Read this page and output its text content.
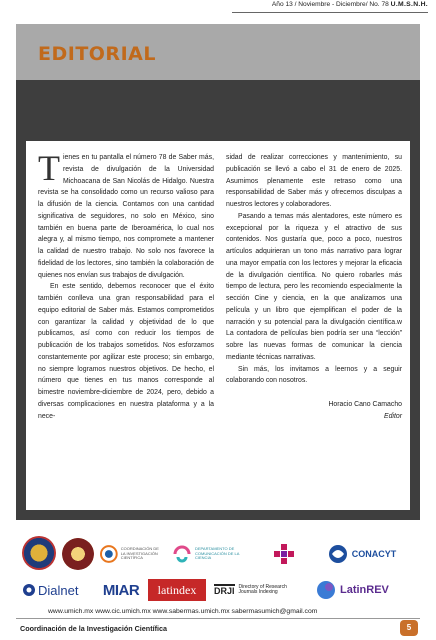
Año 13 / Noviembre - Diciembre/ No. 78 U.M.S.N.H.
EDITORIAL

Tienes en tu pantalla el número 78 de Saber más, revista de divulgación de la Universidad Michoacana de San Nicolás de Hidalgo. Nuestra revista se ha consolidado como un recurso valioso para la difusión de la ciencia. Contamos con una cantidad significativa de seguidores, no solo en México, sino también en buena parte de Iberoamérica, lo cual nos alegra y, al mismo tiempo, nos compromete a mantener la calidad de nuestro trabajo. No solo nos favorece la fidelidad de los lectores, sino también la colaboración de quienes nos envían sus trabajos de divulgación.

En este sentido, debemos reconocer que el éxito también conlleva una gran responsabilidad para el equipo editorial de Saber más. Estamos comprometidos con garantizar la calidad y objetividad de lo que publicamos, así como con reducir los tiempos de publicación de los trabajos sometidos. Nos esforzamos constantemente por agilizar este proceso; sin embargo, no siempre logramos nuestros objetivos. De hecho, el número que tienes en tus manos corresponde al bimestre noviembre-diciembre de 2024, pero, debido a diversas complicaciones en nuestra plataforma y a la nece-

sidad de realizar correcciones y mantenimiento, su publicación se llevó a cabo el 31 de enero de 2025. Asumimos plenamente este retraso como una responsabilidad de Saber más y ofrecemos disculpas a nuestros lectores y colaboradores.

Pasando a temas más alentadores, este número es excepcional por la riqueza y el atractivo de sus contenidos. Nos gustaría que, poco a poco, nuestros artículos adquirieran un tono más narrativo para lograr una mayor empatía con los lectores y mejorar la eficacia de la divulgación científica. No quiero robarles más tiempo de lectura, pero les recomiendo especialmente la sección Cine y ciencia, en la que analizamos una película y un libro que ejemplifican el poder de la narración y su potencial para la divulgación científica.w La contadora de películas bien podría ser una “lección” sobre las nuevas formas de comunicar la ciencia mediante técnicas narrativas.

Sin más, los invitamos a leernos y a seguir colaborando con nosotros.

Horacio Cano Camacho
Editor
COORDINACIÓN DE LA INVESTIGACIÓN CIENTÍFICA
DEPARTAMENTO DE COMUNICACIÓN DE LA CIENCIA	CONACYT
Dialnet MIAR latindex DRJI Directory of Research Journals Indexing	LatinREV
www.umich.mx www.cic.umich.mx www.sabermas.umich.mx sabermasumich@gmail.com
Coordinación de la Investigación Científica	5
